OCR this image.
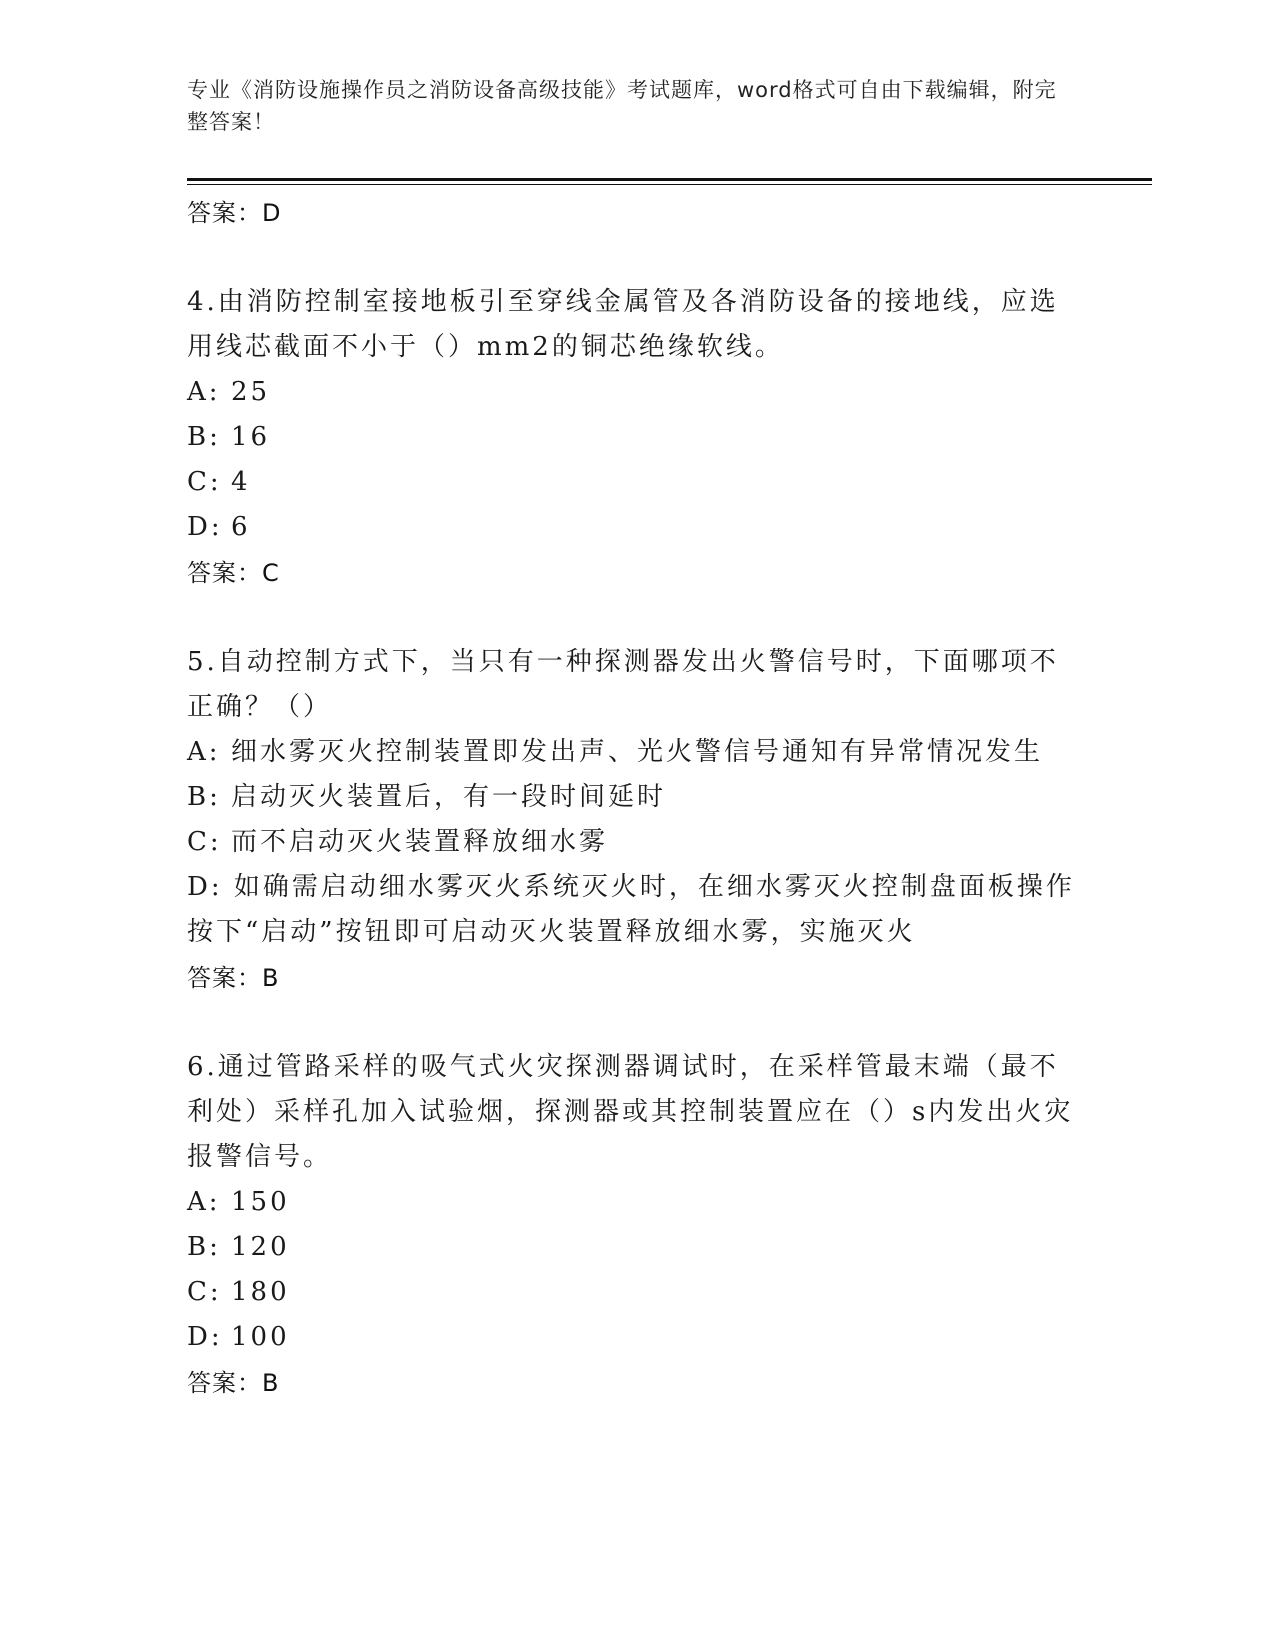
专业《消防设施操作员之消防设备高级技能》考试题库，word格式可自由下载编辑，附完整答案！
答案：D
4.由消防控制室接地板引至穿线金属管及各消防设备的接地线，应选用线芯截面不小于（）mm2的铜芯绝缘软线。
A: 25
B: 16
C: 4
D: 6
答案：C
5.自动控制方式下，当只有一种探测器发出火警信号时，下面哪项不正确？（）
A: 细水雾灭火控制装置即发出声、光火警信号通知有异常情况发生
B: 启动灭火装置后，有一段时间延时
C: 而不启动灭火装置释放细水雾
D: 如确需启动细水雾灭火系统灭火时，在细水雾灭火控制盘面板操作按下“启动”按钮即可启动灭火装置释放细水雾，实施灭火
答案：B
6.通过管路采样的吸气式火灾探测器调试时，在采样管最末端（最不利处）采样孔加入试验烟，探测器或其控制装置应在（）s内发出火灾报警信号。
A: 150
B: 120
C: 180
D: 100
答案：B
